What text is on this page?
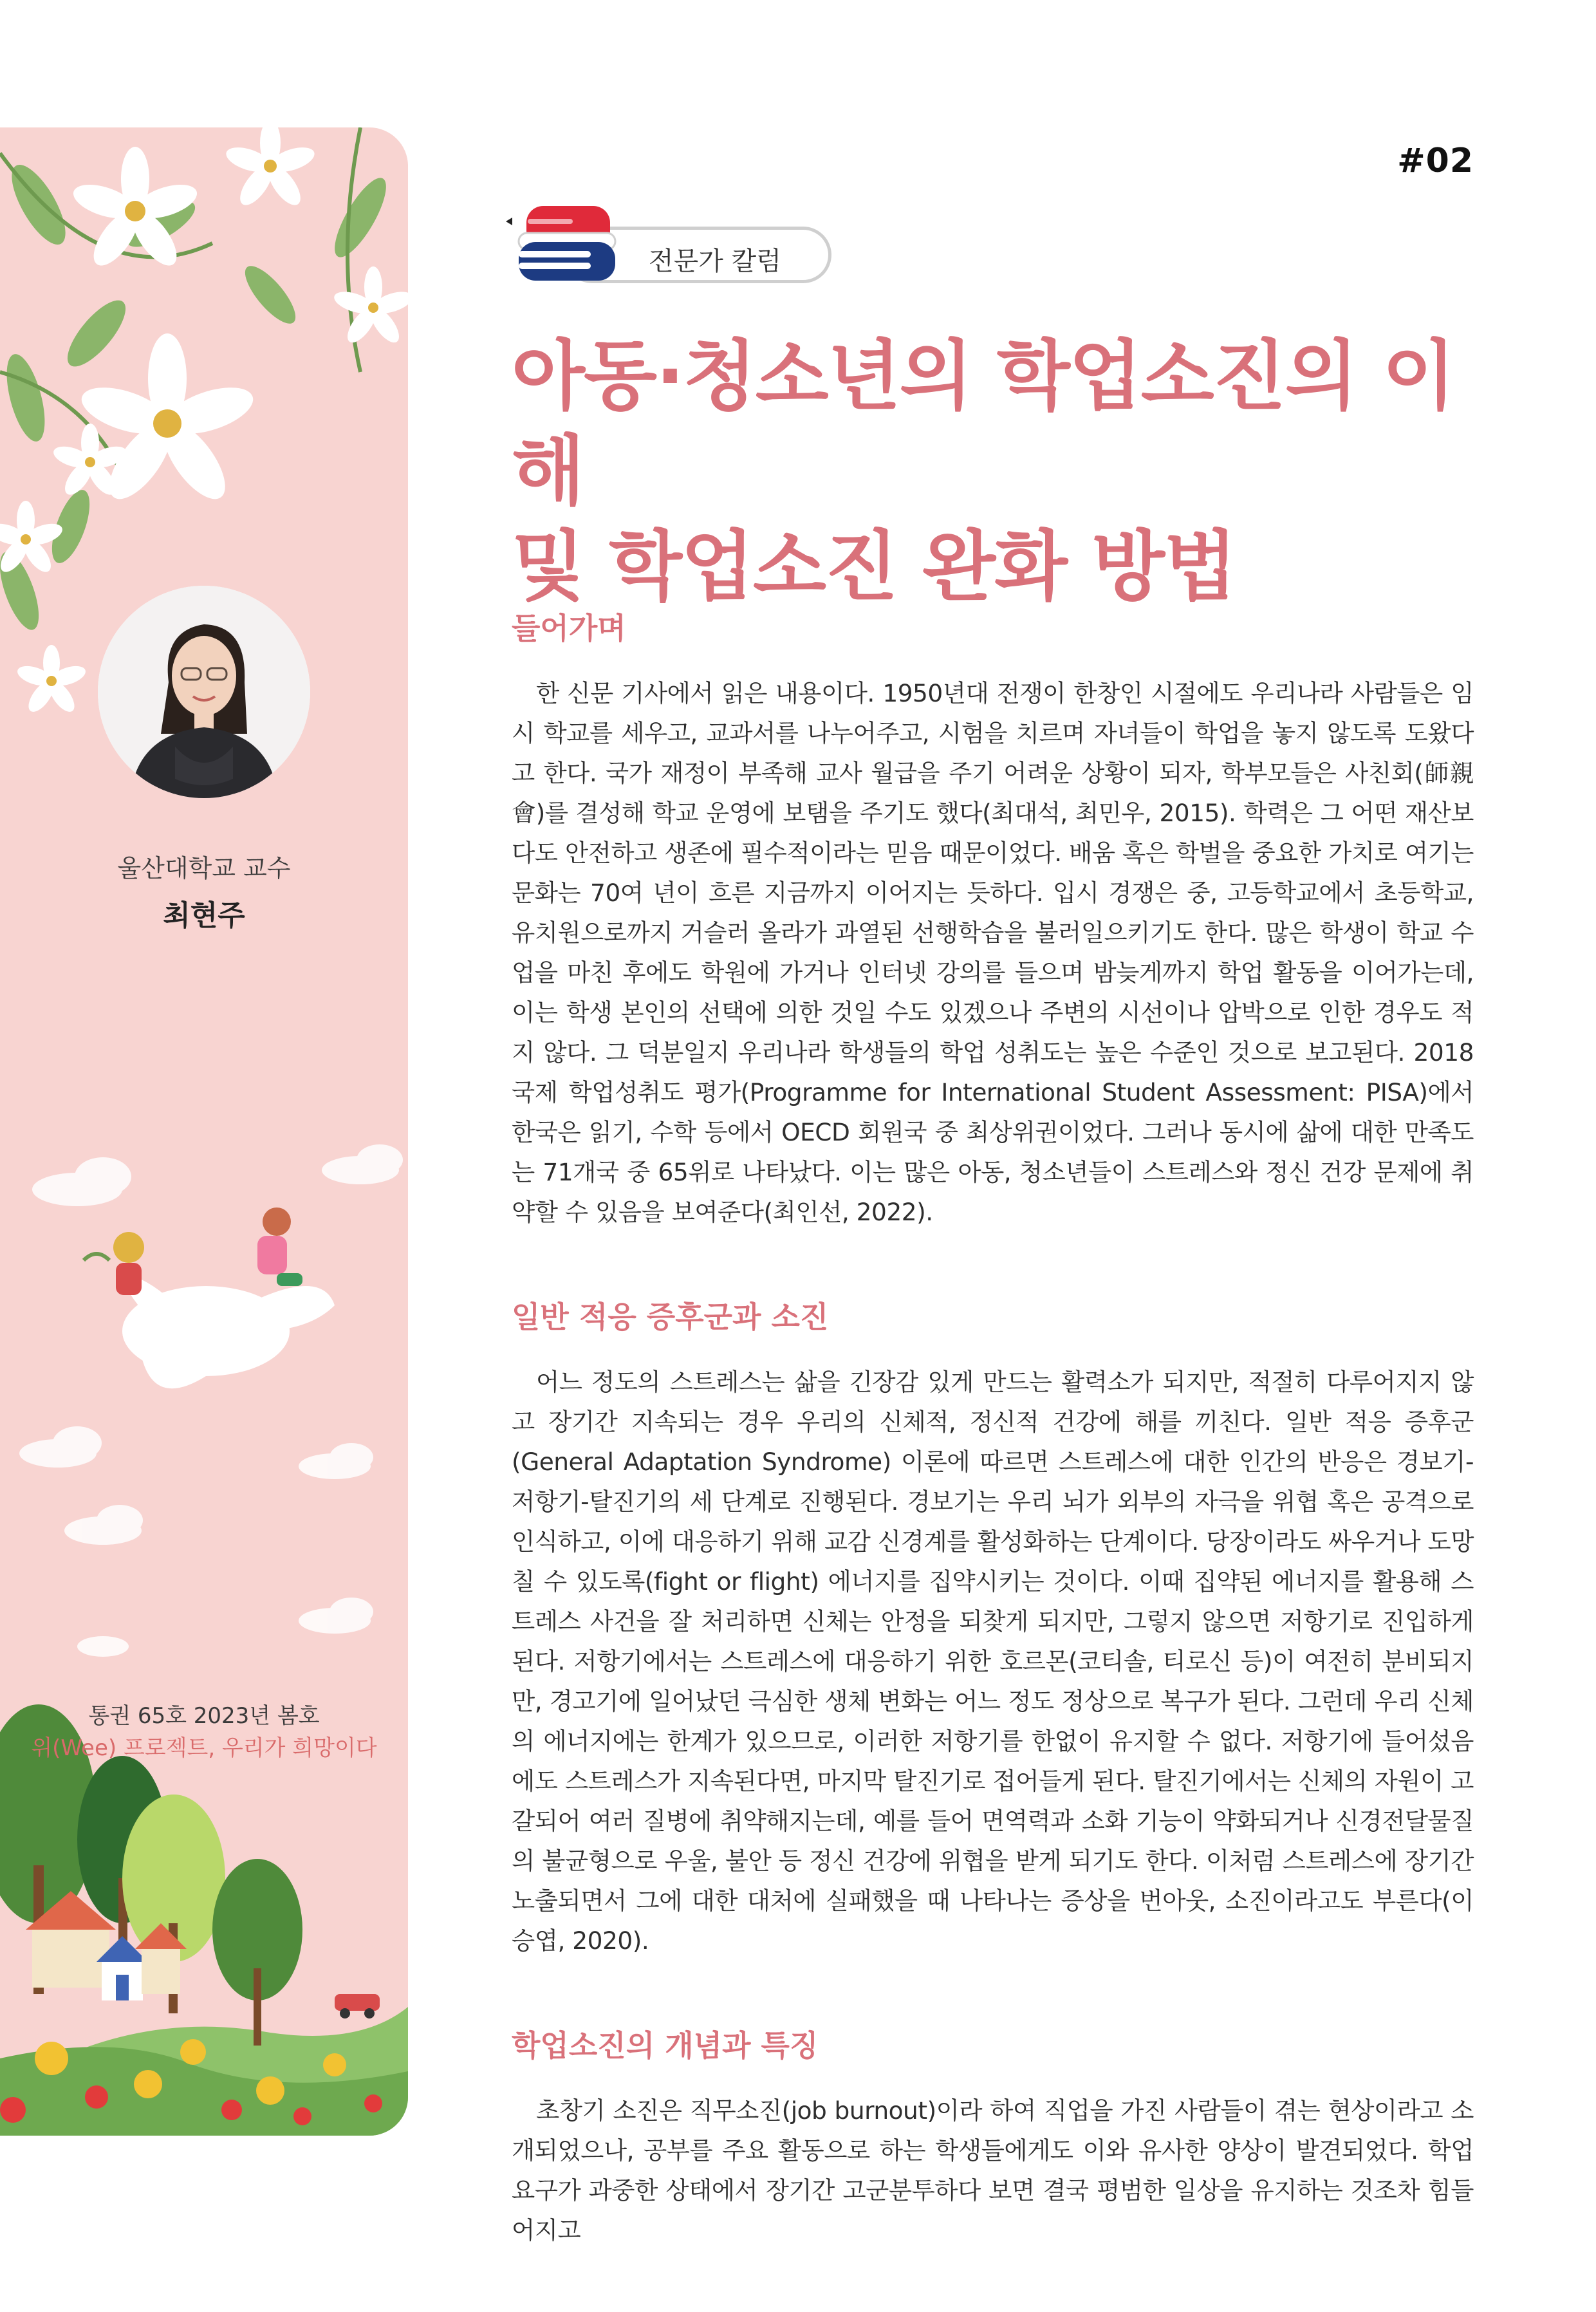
울산대학교 교수
최현주
통권 65호 2023년 봄호
위(Wee) 프로젝트, 우리가 희망이다
#02
전문가 칼럼
아동·청소년의 학업소진의 이해
및 학업소진 완화 방법
들어가며

한 신문 기사에서 읽은 내용이다. 1950년대 전쟁이 한창인 시절에도 우리나라 사람들은 임시 학교를 세우고, 교과서를 나누어주고, 시험을 치르며 자녀들이 학업을 놓지 않도록 도왔다고 한다. 국가 재정이 부족해 교사 월급을 주기 어려운 상황이 되자, 학부모들은 사친회(師親會)를 결성해 학교 운영에 보탬을 주기도 했다(최대석, 최민우, 2015). 학력은 그 어떤 재산보다도 안전하고 생존에 필수적이라는 믿음 때문이었다. 배움 혹은 학벌을 중요한 가치로 여기는 문화는 70여 년이 흐른 지금까지 이어지는 듯하다. 입시 경쟁은 중, 고등학교에서 초등학교, 유치원으로까지 거슬러 올라가 과열된 선행학습을 불러일으키기도 한다. 많은 학생이 학교 수업을 마친 후에도 학원에 가거나 인터넷 강의를 들으며 밤늦게까지 학업 활동을 이어가는데, 이는 학생 본인의 선택에 의한 것일 수도 있겠으나 주변의 시선이나 압박으로 인한 경우도 적지 않다. 그 덕분일지 우리나라 학생들의 학업 성취도는 높은 수준인 것으로 보고된다. 2018 국제 학업성취도 평가(Programme for International Student Assessment: PISA)에서 한국은 읽기, 수학 등에서 OECD 회원국 중 최상위권이었다. 그러나 동시에 삶에 대한 만족도는 71개국 중 65위로 나타났다. 이는 많은 아동, 청소년들이 스트레스와 정신 건강 문제에 취약할 수 있음을 보여준다(최인선, 2022).

일반 적응 증후군과 소진

어느 정도의 스트레스는 삶을 긴장감 있게 만드는 활력소가 되지만, 적절히 다루어지지 않고 장기간 지속되는 경우 우리의 신체적, 정신적 건강에 해를 끼친다. 일반 적응 증후군(General Adaptation Syndrome) 이론에 따르면 스트레스에 대한 인간의 반응은 경보기-저항기-탈진기의 세 단계로 진행된다. 경보기는 우리 뇌가 외부의 자극을 위협 혹은 공격으로 인식하고, 이에 대응하기 위해 교감 신경계를 활성화하는 단계이다. 당장이라도 싸우거나 도망칠 수 있도록(fight or flight) 에너지를 집약시키는 것이다. 이때 집약된 에너지를 활용해 스트레스 사건을 잘 처리하면 신체는 안정을 되찾게 되지만, 그렇지 않으면 저항기로 진입하게 된다. 저항기에서는 스트레스에 대응하기 위한 호르몬(코티솔, 티로신 등)이 여전히 분비되지만, 경고기에 일어났던 극심한 생체 변화는 어느 정도 정상으로 복구가 된다. 그런데 우리 신체의 에너지에는 한계가 있으므로, 이러한 저항기를 한없이 유지할 수 없다. 저항기에 들어섰음에도 스트레스가 지속된다면, 마지막 탈진기로 접어들게 된다. 탈진기에서는 신체의 자원이 고갈되어 여러 질병에 취약해지는데, 예를 들어 면역력과 소화 기능이 약화되거나 신경전달물질의 불균형으로 우울, 불안 등 정신 건강에 위협을 받게 되기도 한다. 이처럼 스트레스에 장기간 노출되면서 그에 대한 대처에 실패했을 때 나타나는 증상을 번아웃, 소진이라고도 부른다(이승엽, 2020).

학업소진의 개념과 특징

초창기 소진은 직무소진(job burnout)이라 하여 직업을 가진 사람들이 겪는 현상이라고 소개되었으나, 공부를 주요 활동으로 하는 학생들에게도 이와 유사한 양상이 발견되었다. 학업 요구가 과중한 상태에서 장기간 고군분투하다 보면 결국 평범한 일상을 유지하는 것조차 힘들어지고
